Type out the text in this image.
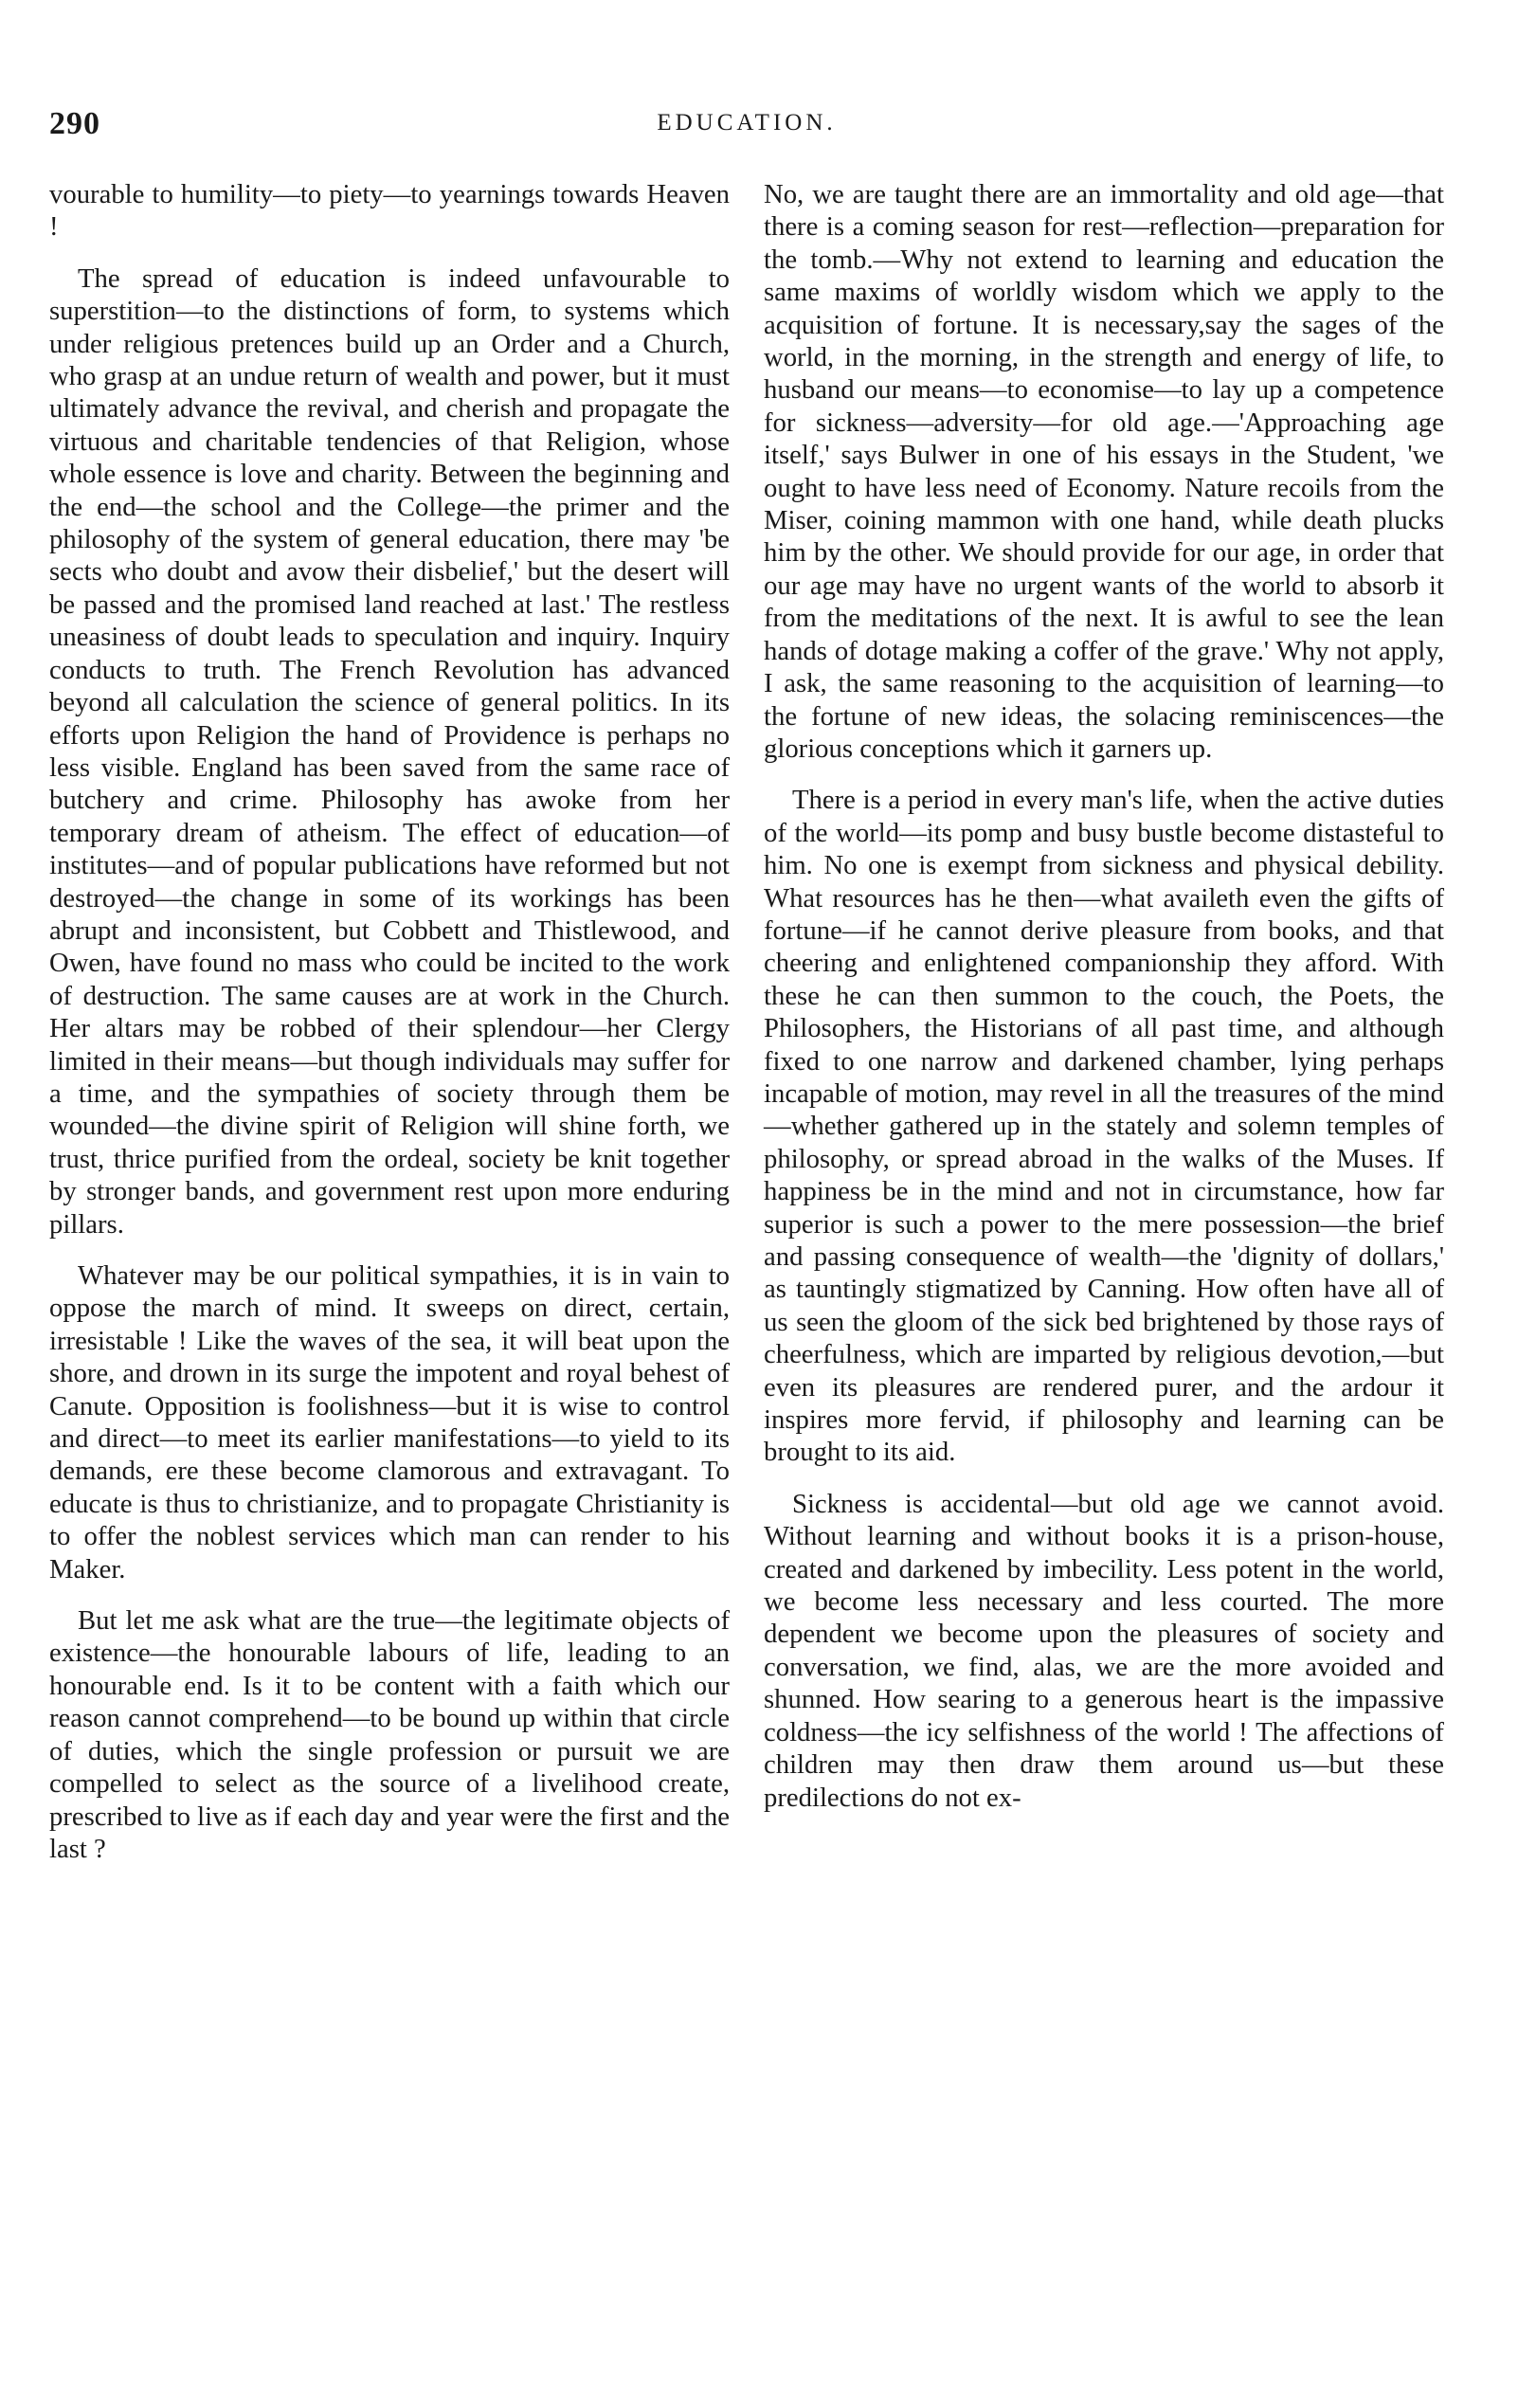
290	EDUCATION.

vourable to humility—to piety—to yearnings towards Heaven !

The spread of education is indeed unfavourable to superstition—to the distinctions of form, to systems which under religious pretences build up an Order and a Church, who grasp at an undue return of wealth and power, but it must ultimately advance the revival, and cherish and propagate the virtuous and charitable tendencies of that Religion, whose whole essence is love and charity. Between the beginning and the end—the school and the College—the primer and the philosophy of the system of general education, there may 'be sects who doubt and avow their disbelief,' but the desert will be passed and the promised land reached at last.' The restless uneasiness of doubt leads to speculation and inquiry. Inquiry conducts to truth. The French Revolution has advanced beyond all calculation the science of general politics. In its efforts upon Religion the hand of Providence is perhaps no less visible. England has been saved from the same race of butchery and crime. Philosophy has awoke from her temporary dream of atheism. The effect of education—of institutes—and of popular publications have reformed but not destroyed—the change in some of its workings has been abrupt and inconsistent, but Cobbett and Thistlewood, and Owen, have found no mass who could be incited to the work of destruction. The same causes are at work in the Church. Her altars may be robbed of their splendour—her Clergy limited in their means—but though individuals may suffer for a time, and the sympathies of society through them be wounded—the divine spirit of Religion will shine forth, we trust, thrice purified from the ordeal, society be knit together by stronger bands, and government rest upon more enduring pillars.

Whatever may be our political sympathies, it is in vain to oppose the march of mind. It sweeps on direct, certain, irresistable ! Like the waves of the sea, it will beat upon the shore, and drown in its surge the impotent and royal behest of Canute. Opposition is foolishness—but it is wise to control and direct—to meet its earlier manifestations—to yield to its demands, ere these become clamorous and extravagant. To educate is thus to christianize, and to propagate Christianity is to offer the noblest services which man can render to his Maker.

But let me ask what are the true—the legitimate objects of existence—the honourable labours of life, leading to an honourable end. Is it to be content with a faith which our reason cannot comprehend—to be bound up within that circle of duties, which the single profession or pursuit we are compelled to select as the source of a livelihood create, prescribed to live as if each day and year were the first and the last ?

No, we are taught there are an immortality and old age—that there is a coming season for rest—reflection—preparation for the tomb.—Why not extend to learning and education the same maxims of worldly wisdom which we apply to the acquisition of fortune. It is necessary,say the sages of the world, in the morning, in the strength and energy of life, to husband our means—to economise—to lay up a competence for sickness—adversity—for old age.—'Approaching age itself,' says Bulwer in one of his essays in the Student, 'we ought to have less need of Economy. Nature recoils from the Miser, coining mammon with one hand, while death plucks him by the other. We should provide for our age, in order that our age may have no urgent wants of the world to absorb it from the meditations of the next. It is awful to see the lean hands of dotage making a coffer of the grave.' Why not apply, I ask, the same reasoning to the acquisition of learning—to the fortune of new ideas, the solacing reminiscences—the glorious conceptions which it garners up.

There is a period in every man's life, when the active duties of the world—its pomp and busy bustle become distasteful to him. No one is exempt from sickness and physical debility. What resources has he then—what availeth even the gifts of fortune—if he cannot derive pleasure from books, and that cheering and enlightened companionship they afford. With these he can then summon to the couch, the Poets, the Philosophers, the Historians of all past time, and although fixed to one narrow and darkened chamber, lying perhaps incapable of motion, may revel in all the treasures of the mind—whether gathered up in the stately and solemn temples of philosophy, or spread abroad in the walks of the Muses. If happiness be in the mind and not in circumstance, how far superior is such a power to the mere possession—the brief and passing consequence of wealth—the 'dignity of dollars,' as tauntingly stigmatized by Canning. How often have all of us seen the gloom of the sick bed brightened by those rays of cheerfulness, which are imparted by religious devotion,—but even its pleasures are rendered purer, and the ardour it inspires more fervid, if philosophy and learning can be brought to its aid.

Sickness is accidental—but old age we cannot avoid. Without learning and without books it is a prison-house, created and darkened by imbecility. Less potent in the world, we become less necessary and less courted. The more dependent we become upon the pleasures of society and conversation, we find, alas, we are the more avoided and shunned. How searing to a generous heart is the impassive coldness—the icy selfishness of the world ! The affections of children may then draw them around us—but these predilections do not ex-
